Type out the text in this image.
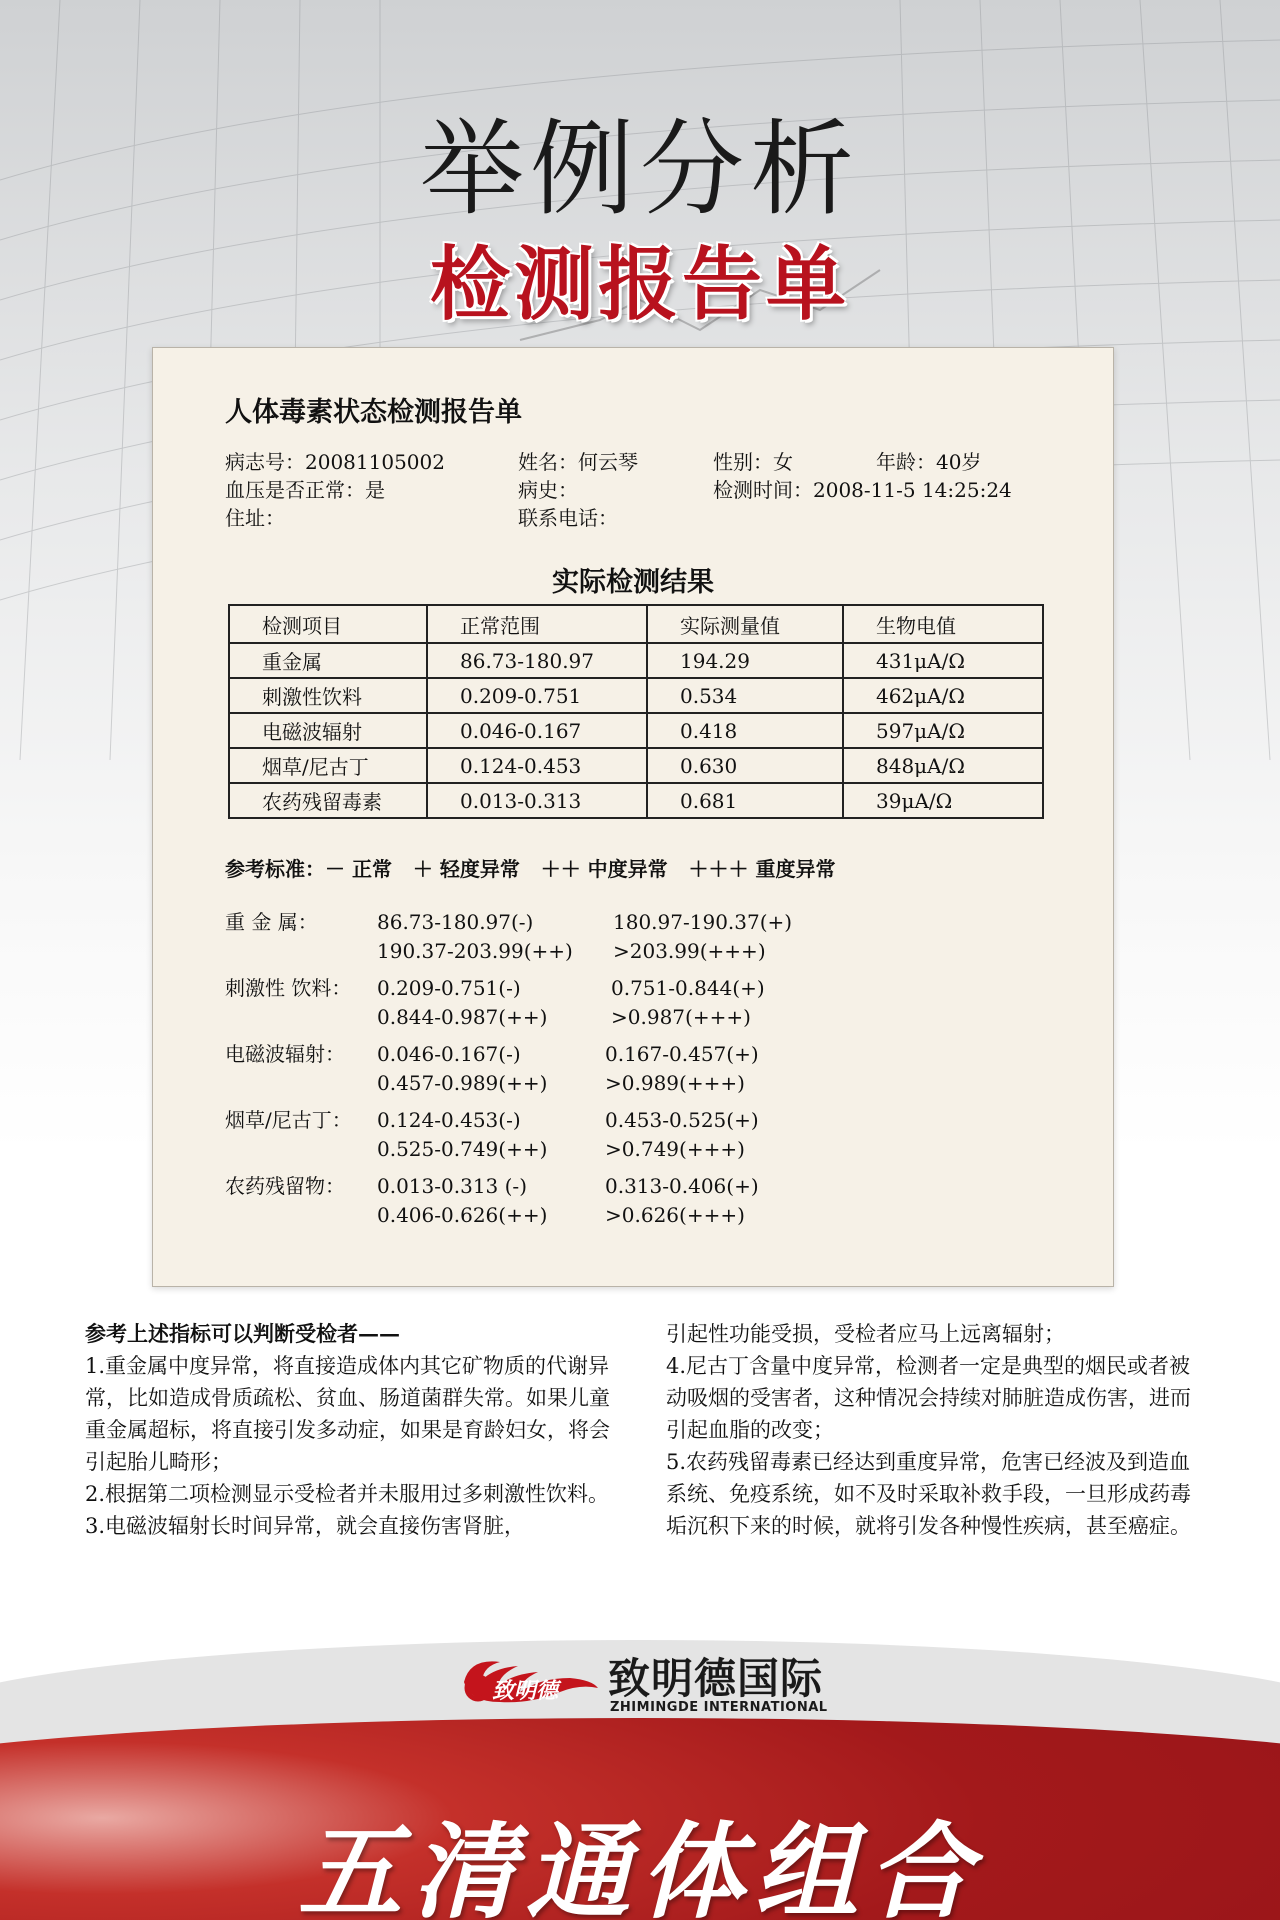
举例分析
检测报告单
人体毒素状态检测报告单
病志号：20081105002	姓名：何云琴	性别：女	年龄：40岁
血压是否正常：是	病史：	检测时间：2008-11-5 14:25:24
住址：	联系电话：
实际检测结果
检测项目	正常范围	实际测量值	生物电值
重金属	86.73-180.97	194.29	431μA/Ω
刺激性饮料	0.209-0.751	0.534	462μA/Ω
电磁波辐射	0.046-0.167	0.418	597μA/Ω
烟草/尼古丁	0.124-0.453	0.630	848μA/Ω
农药残留毒素	0.013-0.313	0.681	39μA/Ω
参考标准：－ 正常   ＋ 轻度异常   ＋＋ 中度异常   ＋＋＋ 重度异常

重 金 属：

	86.73-180.97(-)

	180.97-190.37(+)

190.37-203.99(++)

>203.99(+++)

刺激性 饮料：

	0.209-0.751(-)

	0.751-0.844(+)

0.844-0.987(++)

	>0.987(+++)

电磁波辐射：

	0.046-0.167(-)

	0.167-0.457(+)

0.457-0.989(++)

	>0.989(+++)

烟草/尼古丁：

	0.124-0.453(-)

	0.453-0.525(+)

0.525-0.749(++)

	>0.749(+++)

农药残留物：

	0.013-0.313 (-)

	0.313-0.406(+)

0.406-0.626(++)

	>0.626(+++)

参考上述指标可以判断受检者——

1.重金属中度异常，将直接造成体内其它矿物质的代谢异常，比如造成骨质疏松、贫血、肠道菌群失常。如果儿童重金属超标，将直接引发多动症，如果是育龄妇女，将会引起胎儿畸形；

2.根据第二项检测显示受检者并未服用过多刺激性饮料。

3.电磁波辐射长时间异常，就会直接伤害肾脏，

引起性功能受损，受检者应马上远离辐射；

4.尼古丁含量中度异常，检测者一定是典型的烟民或者被动吸烟的受害者，这种情况会持续对肺脏造成伤害，进而引起血脂的改变；

5.农药残留毒素已经达到重度异常，危害已经波及到造血系统、免疫系统，如不及时采取补救手段，一旦形成药毒垢沉积下来的时候，就将引发各种慢性疾病，甚至癌症。

致明德 致明德国际
ZHIMINGDE INTERNATIONAL
五清通体组合
